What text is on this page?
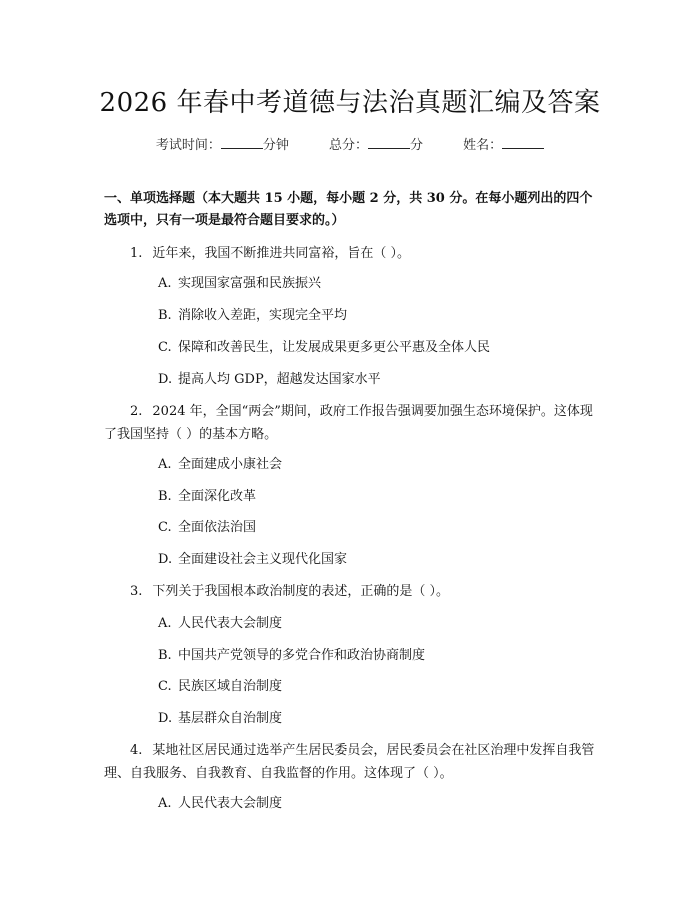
2026 年春中考道德与法治真题汇编及答案
考试时间：	分钟	总分：	分	姓名：
一、单项选择题（本大题共 15 小题，每小题 2 分，共 30 分。在每小题列出的四个选项中，只有一项是最符合题目要求的。）
1. 近年来，我国不断推进共同富裕，旨在（ ）。
A. 实现国家富强和民族振兴
B. 消除收入差距，实现完全平均
C. 保障和改善民生，让发展成果更多更公平惠及全体人民
D. 提高人均 GDP，超越发达国家水平
2. 2024 年，全国“两会”期间，政府工作报告强调要加强生态环境保护。这体现了我国坚持（ ）的基本方略。
A. 全面建成小康社会
B. 全面深化改革
C. 全面依法治国
D. 全面建设社会主义现代化国家
3. 下列关于我国根本政治制度的表述，正确的是（ ）。
A. 人民代表大会制度
B. 中国共产党领导的多党合作和政治协商制度
C. 民族区域自治制度
D. 基层群众自治制度
4. 某地社区居民通过选举产生居民委员会，居民委员会在社区治理中发挥自我管理、自我服务、自我教育、自我监督的作用。这体现了（ ）。
A. 人民代表大会制度
